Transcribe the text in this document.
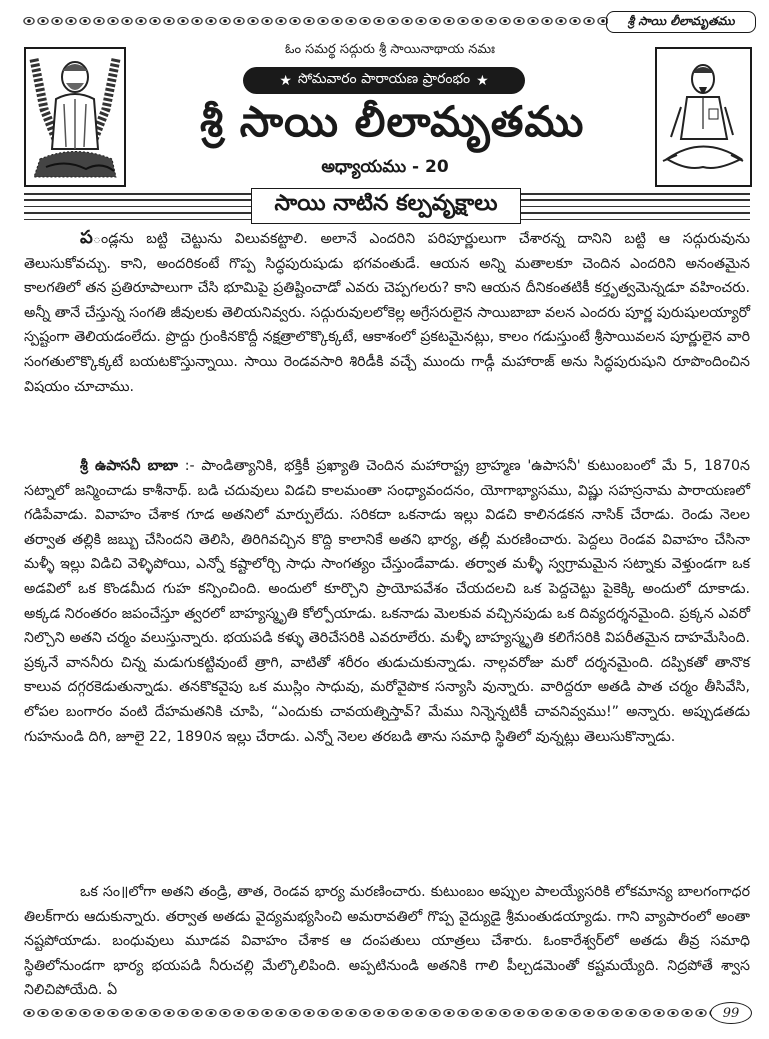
శ్రీ సాయి లీలామృతము
ఓం సమర్థ సద్గురు శ్రీ సాయినాథాయ నమః
★ సోమవారం పారాయణ ప్రారంభం ★
శ్రీ సాయి లీలామృతము
అధ్యాయము - 20
సాయి నాటిన కల్పవృక్షాలు

పండ్లను బట్టి చెట్టును విలువకట్టాలి. అలానే ఎందరిని పరిపూర్ణులుగా చేశారన్న దానిని బట్టి ఆ సద్గురువును తెలుసుకోవచ్చు. కాని, అందరికంటే గొప్ప సిద్ధపురుషుడు భగవంతుడే. ఆయన అన్ని మతాలకూ చెందిన ఎందరిని అనంతమైన కాలగతిలో తన ప్రతిరూపాలుగా చేసి భూమిపై ప్రతిష్టించాడో ఎవరు చెప్పగలరు? కాని ఆయన దీనికంతటికీ కర్తృత్వమెన్నడూ వహించరు. అన్నీ తానే చేస్తున్న సంగతి జీవులకు తెలియనివ్వరు. సద్గురువులలోకెల్ల అగ్రేసరులైన సాయిబాబా వలన ఎందరు పూర్ణ పురుషులయ్యారో స్పష్టంగా తెలియడంలేదు. ప్రొద్దు గ్రుంకినకొద్దీ నక్షత్రాలొక్కొక్కటే, ఆకాశంలో ప్రకటమైనట్లు, కాలం గడుస్తుంటే శ్రీసాయివలన పూర్ణులైన వారి సంగతులొక్కొక్కటే బయటకొస్తున్నాయి. సాయి రెండవసారి శిరిడీకి వచ్చే ముందు గాడ్గీ మహారాజ్ అను సిద్ధపురుషుని రూపొందించిన విషయం చూచాము.

శ్రీ ఉపాసనీ బాబా :- పాండిత్యానికి, భక్తికీ ప్రఖ్యాతి చెందిన మహారాష్ట్ర బ్రాహ్మణ 'ఉపాసనీ' కుటుంబంలో మే 5, 1870న సట్నాలో జన్మించాడు కాశీనాథ్. బడి చదువులు విడచి కాలమంతా సంధ్యావందనం, యోగాభ్యాసము, విష్ణు సహస్రనామ పారాయణలో గడిపేవాడు. వివాహం చేశాక గూడ అతనిలో మార్పులేదు. సరికదా ఒకనాడు ఇల్లు విడచి కాలినడకన నాసిక్ చేరాడు. రెండు నెలల తర్వాత తల్లికి జబ్బు చేసిందని తెలిసి, తిరిగివచ్చిన కొద్ది కాలానికే అతని భార్య, తల్లీ మరణించారు. పెద్దలు రెండవ వివాహం చేసినా మళ్ళీ ఇల్లు విడిచి వెళ్ళిపోయి, ఎన్నో కష్టాలోర్చి సాధు సాంగత్యం చేస్తుండేవాడు. తర్వాత మళ్ళీ స్వగ్రామమైన సట్నాకు వెళ్తుండగా ఒక అడవిలో ఒక కొండమీద గుహ కన్పించింది. అందులో కూర్చొని ప్రాయోపవేశం చేయదలచి ఒక పెద్దచెట్టు పైకెక్కి అందులో దూకాడు. అక్కడ నిరంతరం జపంచేస్తూ త్వరలో బాహ్యస్మృతి కోల్పోయాడు. ఒకనాడు మెలకువ వచ్చినపుడు ఒక దివ్యదర్శనమైంది. ప్రక్కన ఎవరో నిల్చొని అతని చర్మం వలుస్తున్నారు. భయపడి కళ్ళు తెరిచేసరికి ఎవరూలేరు. మళ్ళీ బాహ్యస్మృతి కలిగేసరికి విపరీతమైన దాహమేసింది. ప్రక్కనే వాననీరు చిన్న మడుగుకట్టివుంటే త్రాగి, వాటితో శరీరం తుడుచుకున్నాడు. నాల్గవరోజు మరో దర్శనమైంది. దప్పికతో తానొక కాలువ దగ్గరకెడుతున్నాడు. తనకొకవైపు ఒక ముస్లిం సాధువు, మరోవైపొక సన్యాసి వున్నారు. వారిద్దరూ అతడి పాత చర్మం తీసివేసి, లోపల బంగారం వంటి దేహమతనికి చూపి, “ఎందుకు చావయత్నిస్తావ్? మేము నిన్నెన్నటికీ చావనివ్వము!” అన్నారు. అప్పుడతడు గుహనుండి దిగి, జూలై 22, 1890న ఇల్లు చేరాడు. ఎన్నో నెలల తరబడి తాను సమాధి స్థితిలో వున్నట్లు తెలుసుకొన్నాడు.

ఒక సం॥లోగా అతని తండ్రి, తాత, రెండవ భార్య మరణించారు. కుటుంబం అప్పుల పాలయ్యేసరికి లోకమాన్య బాలగంగాధర తిలక్‌గారు ఆదుకున్నారు. తర్వాత అతడు వైద్యమభ్యసించి అమరావతిలో గొప్ప వైద్యుడై శ్రీమంతుడయ్యాడు. గాని వ్యాపారంలో అంతా నష్టపోయాడు. బంధువులు మూడవ వివాహం చేశాక ఆ దంపతులు యాత్రలు చేశారు. ఓంకారేశ్వర్‌లో అతడు తీవ్ర సమాధి స్థితిలోనుండగా భార్య భయపడి నీరుచల్లి మేల్కొలిపింది. అప్పటినుండి అతనికి గాలి పీల్చడమెంతో కష్టమయ్యేది. నిద్రపోతే శ్వాస నిలిచిపోయేది. ఏ

99
